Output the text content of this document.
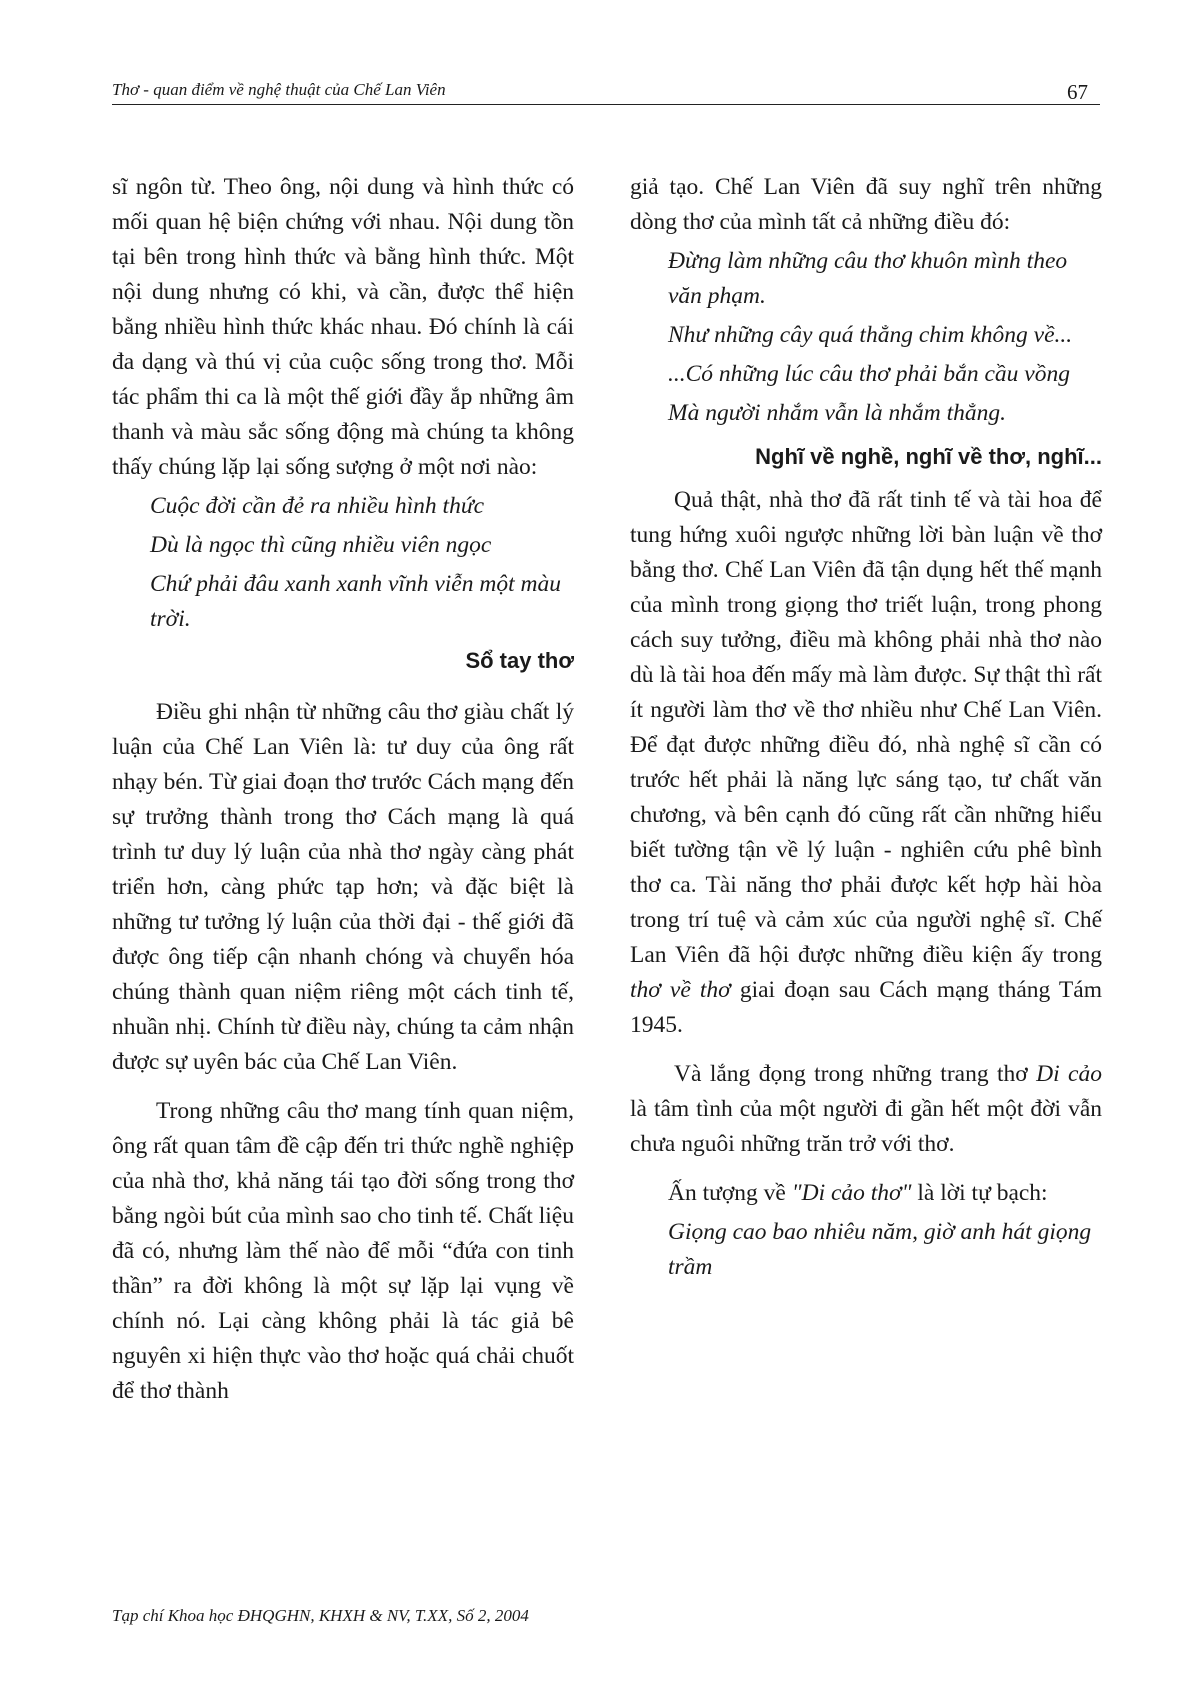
Thơ - quan điểm về nghệ thuật của Chế Lan Viên	67

sĩ ngôn từ. Theo ông, nội dung và hình thức có mối quan hệ biện chứng với nhau. Nội dung tồn tại bên trong hình thức và bằng hình thức. Một nội dung nhưng có khi, và cần, được thể hiện bằng nhiều hình thức khác nhau. Đó chính là cái đa dạng và thú vị của cuộc sống trong thơ. Mỗi tác phẩm thi ca là một thế giới đầy ắp những âm thanh và màu sắc sống động mà chúng ta không thấy chúng lặp lại sống sượng ở một nơi nào:

Cuộc đời cần đẻ ra nhiều hình thức
Dù là ngọc thì cũng nhiều viên ngọc
Chứ phải đâu xanh xanh vĩnh viễn một màu trời.
Sổ tay thơ

Điều ghi nhận từ những câu thơ giàu chất lý luận của Chế Lan Viên là: tư duy của ông rất nhạy bén. Từ giai đoạn thơ trước Cách mạng đến sự trưởng thành trong thơ Cách mạng là quá trình tư duy lý luận của nhà thơ ngày càng phát triển hơn, càng phức tạp hơn; và đặc biệt là những tư tưởng lý luận của thời đại - thế giới đã được ông tiếp cận nhanh chóng và chuyển hóa chúng thành quan niệm riêng một cách tinh tế, nhuần nhị. Chính từ điều này, chúng ta cảm nhận được sự uyên bác của Chế Lan Viên.

Trong những câu thơ mang tính quan niệm, ông rất quan tâm đề cập đến tri thức nghề nghiệp của nhà thơ, khả năng tái tạo đời sống trong thơ bằng ngòi bút của mình sao cho tinh tế. Chất liệu đã có, nhưng làm thế nào để mỗi “đứa con tinh thần” ra đời không là một sự lặp lại vụng về chính nó. Lại càng không phải là tác giả bê nguyên xi hiện thực vào thơ hoặc quá chải chuốt để thơ thành

giả tạo. Chế Lan Viên đã suy nghĩ trên những dòng thơ của mình tất cả những điều đó:

Đừng làm những câu thơ khuôn mình theo văn phạm.
Như những cây quá thẳng chim không về...
...Có những lúc câu thơ phải bắn cầu vồng
Mà người nhắm vẫn là nhắm thẳng.
Nghĩ về nghề, nghĩ về thơ, nghĩ...

Quả thật, nhà thơ đã rất tinh tế và tài hoa để tung hứng xuôi ngược những lời bàn luận về thơ bằng thơ. Chế Lan Viên đã tận dụng hết thế mạnh của mình trong giọng thơ triết luận, trong phong cách suy tưởng, điều mà không phải nhà thơ nào dù là tài hoa đến mấy mà làm được. Sự thật thì rất ít người làm thơ về thơ nhiều như Chế Lan Viên. Để đạt được những điều đó, nhà nghệ sĩ cần có trước hết phải là năng lực sáng tạo, tư chất văn chương, và bên cạnh đó cũng rất cần những hiểu biết tường tận về lý luận - nghiên cứu phê bình thơ ca. Tài năng thơ phải được kết hợp hài hòa trong trí tuệ và cảm xúc của người nghệ sĩ. Chế Lan Viên đã hội được những điều kiện ấy trong thơ về thơ giai đoạn sau Cách mạng tháng Tám 1945.

Và lắng đọng trong những trang thơ Di cảo là tâm tình của một người đi gần hết một đời vẫn chưa nguôi những trăn trở với thơ.

Ấn tượng về "Di cảo thơ" là lời tự bạch:

Giọng cao bao nhiêu năm, giờ anh hát giọng trầm
Tạp chí Khoa học ĐHQGHN, KHXH & NV, T.XX, Số 2, 2004
